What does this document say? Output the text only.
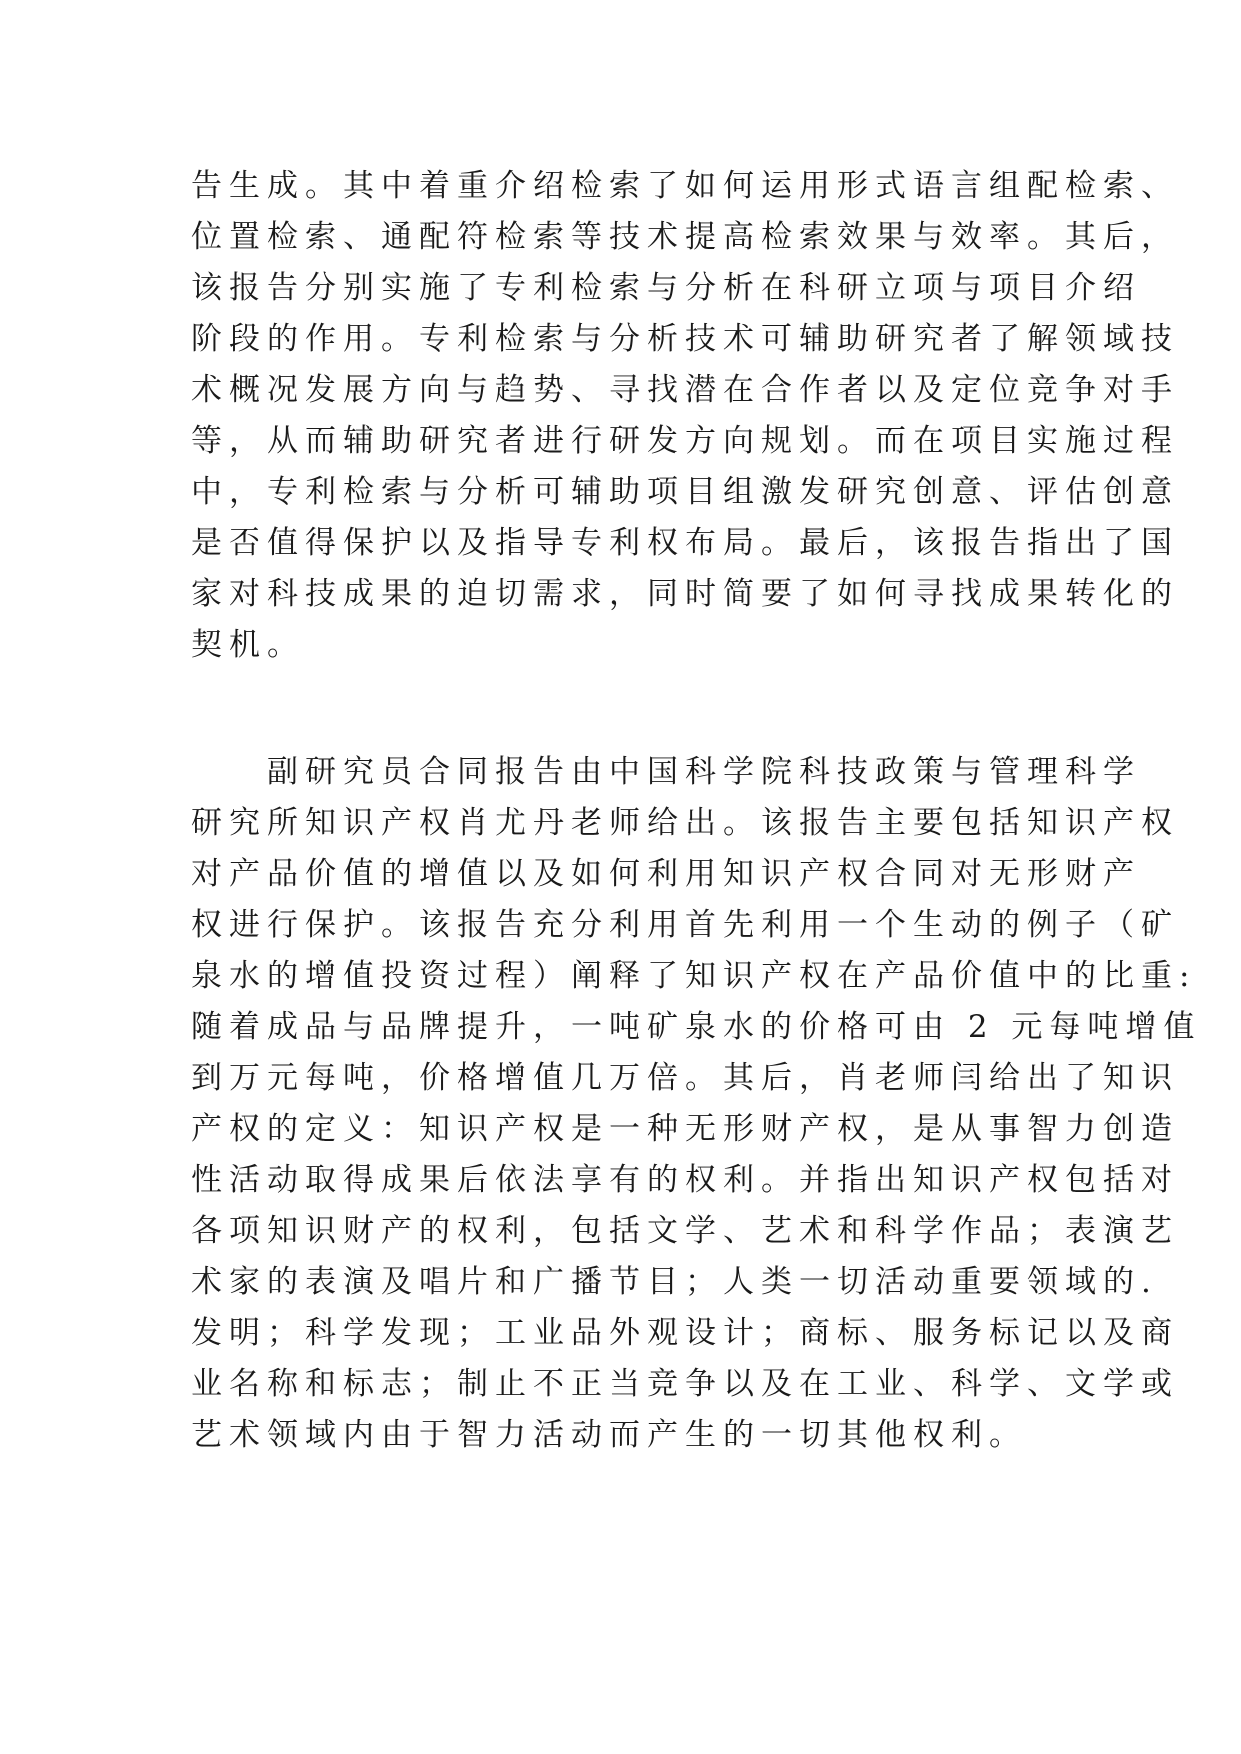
告生成。其中着重介绍检索了如何运用形式语言组配检索、
位置检索、通配符检索等技术提高检索效果与效率。其后，
该报告分别实施了专利检索与分析在科研立项与项目介绍
阶段的作用。专利检索与分析技术可辅助研究者了解领域技
术概况发展方向与趋势、寻找潜在合作者以及定位竞争对手
等，从而辅助研究者进行研发方向规划。而在项目实施过程
中，专利检索与分析可辅助项目组激发研究创意、评估创意
是否值得保护以及指导专利权布局。最后，该报告指出了国
家对科技成果的迫切需求，同时简要了如何寻找成果转化的
契机。
副研究员合同报告由中国科学院科技政策与管理科学
研究所知识产权肖尤丹老师给出。该报告主要包括知识产权
对产品价值的增值以及如何利用知识产权合同对无形财产
权进行保护。该报告充分利用首先利用一个生动的例子（矿
泉水的增值投资过程）阐释了知识产权在产品价值中的比重:
随着成品与品牌提升，一吨矿泉水的价格可由 2 元每吨增值
到万元每吨，价格增值几万倍。其后，肖老师闫给出了知识
产权的定义：知识产权是一种无形财产权，是从事智力创造
性活动取得成果后依法享有的权利。并指出知识产权包括对
各项知识财产的权利，包括文学、艺术和科学作品；表演艺
术家的表演及唱片和广播节目；人类一切活动重要领域的.
发明；科学发现；工业品外观设计；商标、服务标记以及商
业名称和标志；制止不正当竞争以及在工业、科学、文学或
艺术领域内由于智力活动而产生的一切其他权利。
